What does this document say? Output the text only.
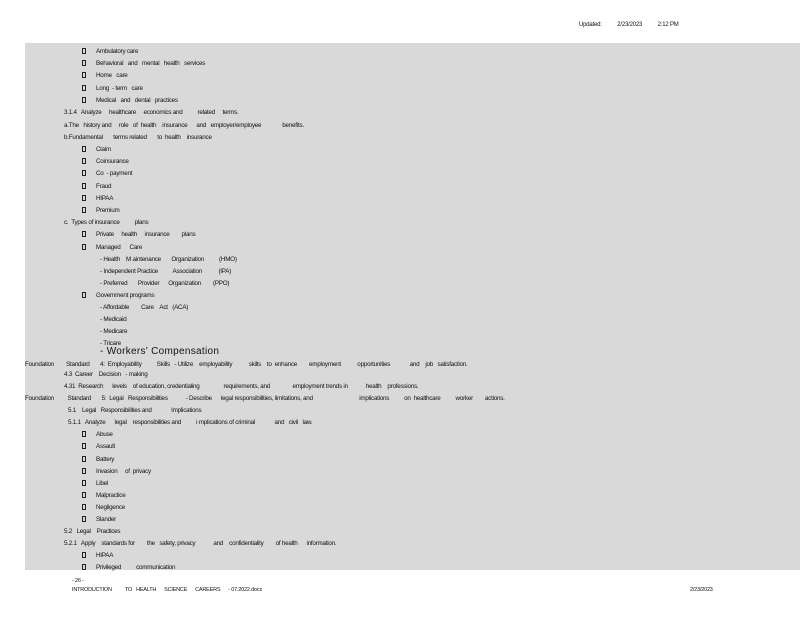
Updated:	2/23/2023	2:12 PM
Ambulatory care
Behavioral   and   mental   health   services
Home   care
Long  - term   care
Medical   and   dental   practices
3.1.4   Analyze     healthcare     economics and          related     terms.
a.The   history and     role   of  health    insurance      and   employer/employee              benefits.
b.Fundamental       terms related       to  health    insurance
Claim
Coinsurance
Co  - payment
Fraud
HIPAA
Premium
c.  Types of insurance          plans
Private     health     insurance        plans
Managed      Care
- Health    M aintenance       Organization          (HMO)
- Independent Practice          Association           (IPA)
- Preferred       Provider      Organization        (PPO)
Government programs
- Affordable        Care    Act   (ACA)
- Medicaid
- Medicare
- Tricare
- Workers' Compensation
Foundation        Standard       4:  Employability          Skills   - Utilize    employability           skills    to  enhance        employment           opportunities             and    job   satisfaction.
4.3  Career    Decision   - making
4.31  Research      levels    of education, credentialing                requirements, and               employment trends in            health    professions.
Foundation         Standard       5:  Legal   Responsibilities            - Describe      legal responsibilities, limitations, and                               implications          on  healthcare          worker        actions.
5.1    Legal   Responsibilities and             Implications
5.1.1   Analyze      legal    responsibilities and          i mplications of criminal             and   civil   law.
Abuse
Assault
Battery
Invasion     of  privacy
Libel
Malpractice
Negligence
Slander
5.2   Legal    Practices
5.2.1   Apply    standards for        the   safety, privacy            and    confidentiality        of health      information.
HIPAA
Privileged          communication
- 26 -
INTRODUCTION          TO   HEALTH      SCIENCE      CAREERS      - 07.2022.docx	2/23/2023
